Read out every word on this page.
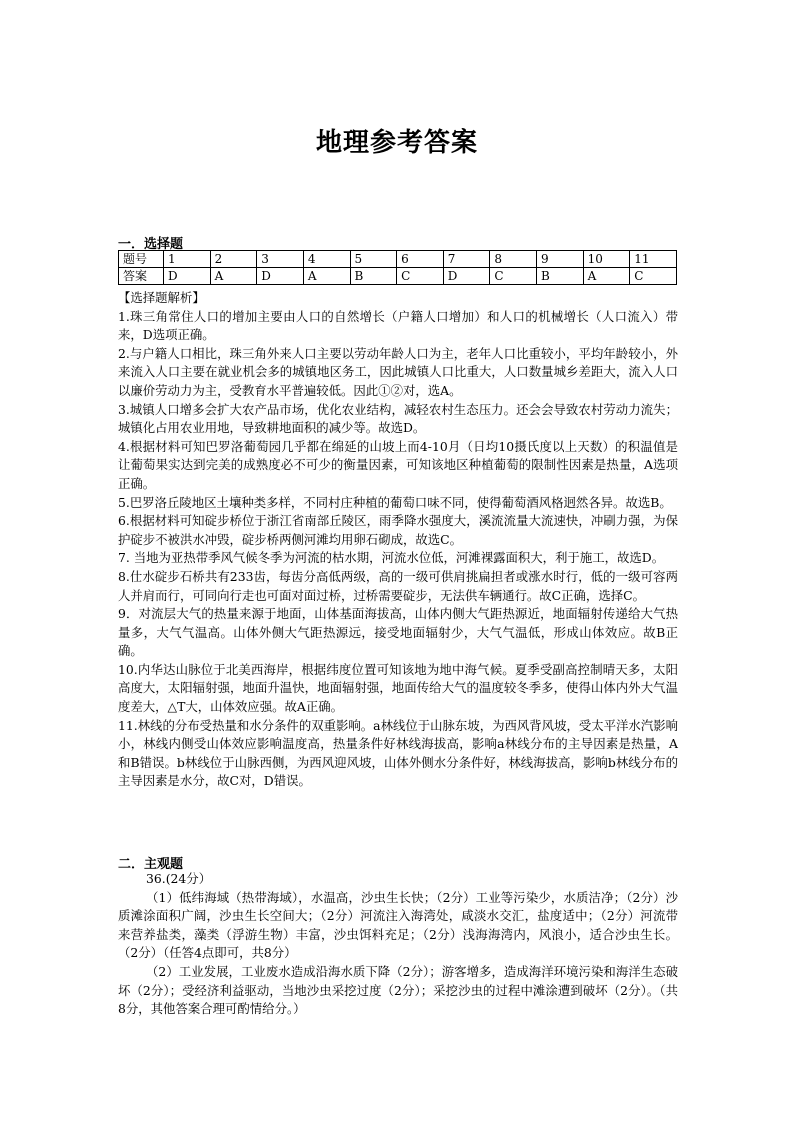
地理参考答案
一．选择题
题号	1	2	3	4	5	6	7	8	9	10	11
答案	D	A	D	A	B	C	D	C	B	A	C

【选择题解析】

1.珠三角常住人口的增加主要由人口的自然增长（户籍人口增加）和人口的机械增长（人口流入）带来，D选项正确。

2.与户籍人口相比，珠三角外来人口主要以劳动年龄人口为主，老年人口比重较小，平均年龄较小，外来流入人口主要在就业机会多的城镇地区务工，因此城镇人口比重大，人口数量城乡差距大，流入人口以廉价劳动力为主，受教育水平普遍较低。因此①②对，选A。

3.城镇人口增多会扩大农产品市场，优化农业结构，减轻农村生态压力。还会会导致农村劳动力流失；城镇化占用农业用地，导致耕地面积的减少等。故选D。

4.根据材料可知巴罗洛葡萄园几乎都在绵延的山坡上而4-10月（日均10摄氏度以上天数）的积温值是让葡萄果实达到完美的成熟度必不可少的衡量因素，可知该地区种植葡萄的限制性因素是热量，A选项正确。

5.巴罗洛丘陵地区土壤种类多样，不同村庄种植的葡萄口味不同，使得葡萄酒风格迥然各异。故选B。

6.根据材料可知碇步桥位于浙江省南部丘陵区，雨季降水强度大，溪流流量大流速快，冲刷力强，为保护碇步不被洪水冲毁，碇步桥两侧河滩均用卵石砌成，故选C。

7. 当地为亚热带季风气候冬季为河流的枯水期，河流水位低，河滩裸露面积大，利于施工，故选D。

8.仕水碇步石桥共有233齿，每齿分高低两级，高的一级可供肩挑扁担者或涨水时行，低的一级可容两人并肩而行，可同向行走也可面对面过桥，过桥需要碇步，无法供车辆通行。故C正确，选择C。

9．对流层大气的热量来源于地面，山体基面海拔高，山体内侧大气距热源近，地面辐射传递给大气热量多，大气气温高。山体外侧大气距热源远，接受地面辐射少，大气气温低，形成山体效应。故B正确。

10.内华达山脉位于北美西海岸，根据纬度位置可知该地为地中海气候。夏季受副高控制晴天多，太阳高度大，太阳辐射强，地面升温快，地面辐射强，地面传给大气的温度较冬季多，使得山体内外大气温度差大，△T大，山体效应强。故A正确。

11.林线的分布受热量和水分条件的双重影响。a林线位于山脉东坡，为西风背风坡，受太平洋水汽影响小，林线内侧受山体效应影响温度高，热量条件好林线海拔高，影响a林线分布的主导因素是热量，A和B错误。b林线位于山脉西侧，为西风迎风坡，山体外侧水分条件好，林线海拔高，影响b林线分布的主导因素是水分，故C对，D错误。

二．主观题

36.(24分）

（1）低纬海域（热带海域），水温高，沙虫生长快；（2分）工业等污染少，水质洁净；（2分）沙质滩涂面积广阔，沙虫生长空间大；（2分）河流注入海湾处，咸淡水交汇，盐度适中；（2分）河流带来营养盐类，藻类（浮游生物）丰富，沙虫饵料充足；（2分）浅海海湾内，风浪小，适合沙虫生长。（2分）（任答4点即可，共8分）

（2）工业发展，工业废水造成沿海水质下降（2分）；游客增多，造成海洋环境污染和海洋生态破坏（2分）；受经济利益驱动，当地沙虫采挖过度（2分）；采挖沙虫的过程中滩涂遭到破坏（2分）。（共8分，其他答案合理可酌情给分。）
